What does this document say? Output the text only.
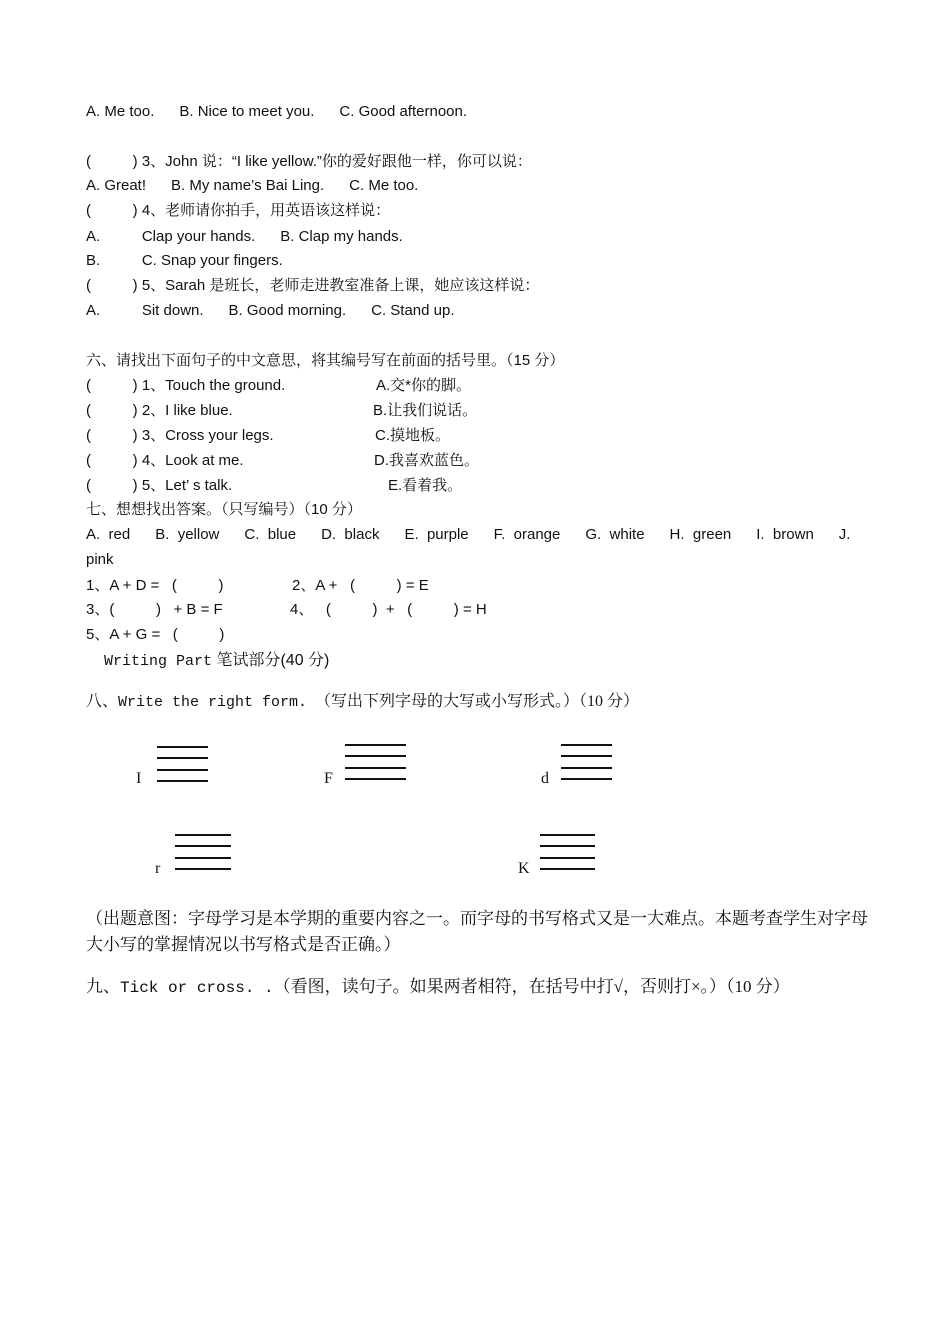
A. Me too.      B. Nice to meet you.      C. Good afternoon.
(          ) 3、John 说：“I like yellow.”你的爱好跟他一样，你可以说：
A. Great!      B. My name’s Bai Ling.      C. Me too.
(          ) 4、老师请你拍手，用英语该这样说：
A.          Clap your hands.      B. Clap my hands.
B.          C. Snap your fingers.
(          ) 5、Sarah 是班长，老师走进教室准备上课，她应该这样说：
A.          Sit down.      B. Good morning.      C. Stand up.
六、请找出下面句子的中文意思，将其编号写在前面的括号里。（15 分）
(          ) 1、Touch the ground.	A.交*你的脚。
(          ) 2、I like blue.	B.让我们说话。
(          ) 3、Cross your legs.	C.摸地板。
(          ) 4、Look at me.	D.我喜欢蓝色。
(          ) 5、Let’ s talk.	E.看着我。
七、想想找出答案。（只写编号）（10 分）
A.  red      B.  yellow      C.  blue      D.  black      E.  purple      F.  orange      G.  white      H.  green      I.  brown      J.
pink
1、A + D =   (          )	2、A +   (          ) = E
3、(          )   + B = F	4、   (          )  +   (          ) = H
5、A + G =   (          )
Writing Part 笔试部分(40 分)
八、Write the right form.  （写出下列字母的大写或小写形式。）（10 分）
I	F	d
r	K
（出题意图：字母学习是本学期的重要内容之一。而字母的书写格式又是一大难点。本题考查学生对字母大小写的掌握情况以书写格式是否正确。）
九、Tick or cross. .（看图，读句子。如果两者相符，在括号中打√，否则打×。）（10 分）
